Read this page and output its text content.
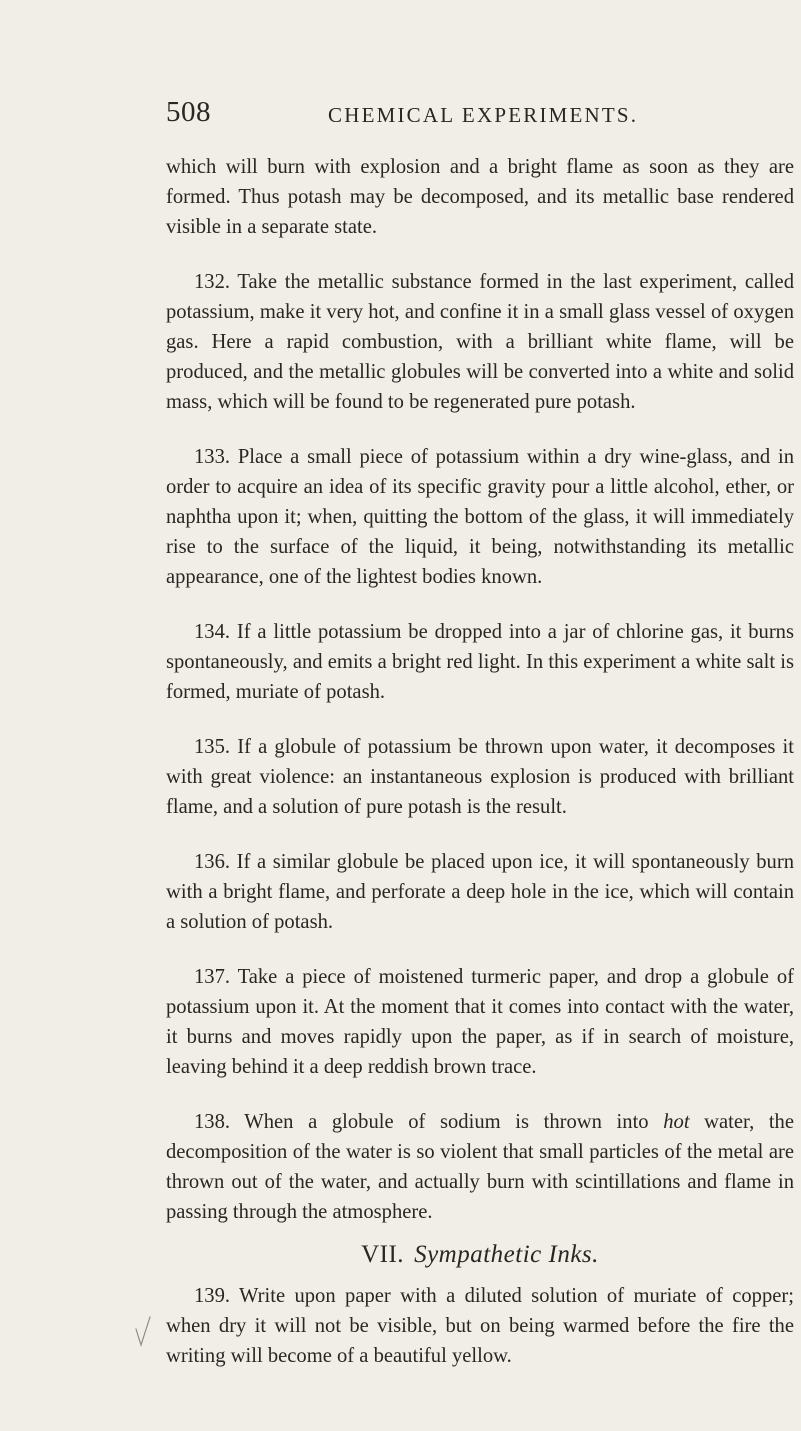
508	CHEMICAL EXPERIMENTS.

which will burn with explosion and a bright flame as soon as they are formed. Thus potash may be decomposed, and its metallic base rendered visible in a separate state.

132. Take the metallic substance formed in the last experiment, called potassium, make it very hot, and confine it in a small glass vessel of oxygen gas. Here a rapid combustion, with a brilliant white flame, will be produced, and the metallic globules will be converted into a white and solid mass, which will be found to be regenerated pure potash.

133. Place a small piece of potassium within a dry wine-glass, and in order to acquire an idea of its specific gravity pour a little alcohol, ether, or naphtha upon it; when, quitting the bottom of the glass, it will immediately rise to the surface of the liquid, it being, notwithstanding its metallic appearance, one of the lightest bodies known.

134. If a little potassium be dropped into a jar of chlorine gas, it burns spontaneously, and emits a bright red light. In this experiment a white salt is formed, muriate of potash.

135. If a globule of potassium be thrown upon water, it decomposes it with great violence: an instantaneous explosion is produced with brilliant flame, and a solution of pure potash is the result.

136. If a similar globule be placed upon ice, it will spontaneously burn with a bright flame, and perforate a deep hole in the ice, which will contain a solution of potash.

137. Take a piece of moistened turmeric paper, and drop a globule of potassium upon it. At the moment that it comes into contact with the water, it burns and moves rapidly upon the paper, as if in search of moisture, leaving behind it a deep reddish brown trace.

138. When a globule of sodium is thrown into hot water, the decomposition of the water is so violent that small particles of the metal are thrown out of the water, and actually burn with scintillations and flame in passing through the atmosphere.

VII. Sympathetic Inks.

139. Write upon paper with a diluted solution of muriate of copper; when dry it will not be visible, but on being warmed before the fire the writing will become of a beautiful yellow.
